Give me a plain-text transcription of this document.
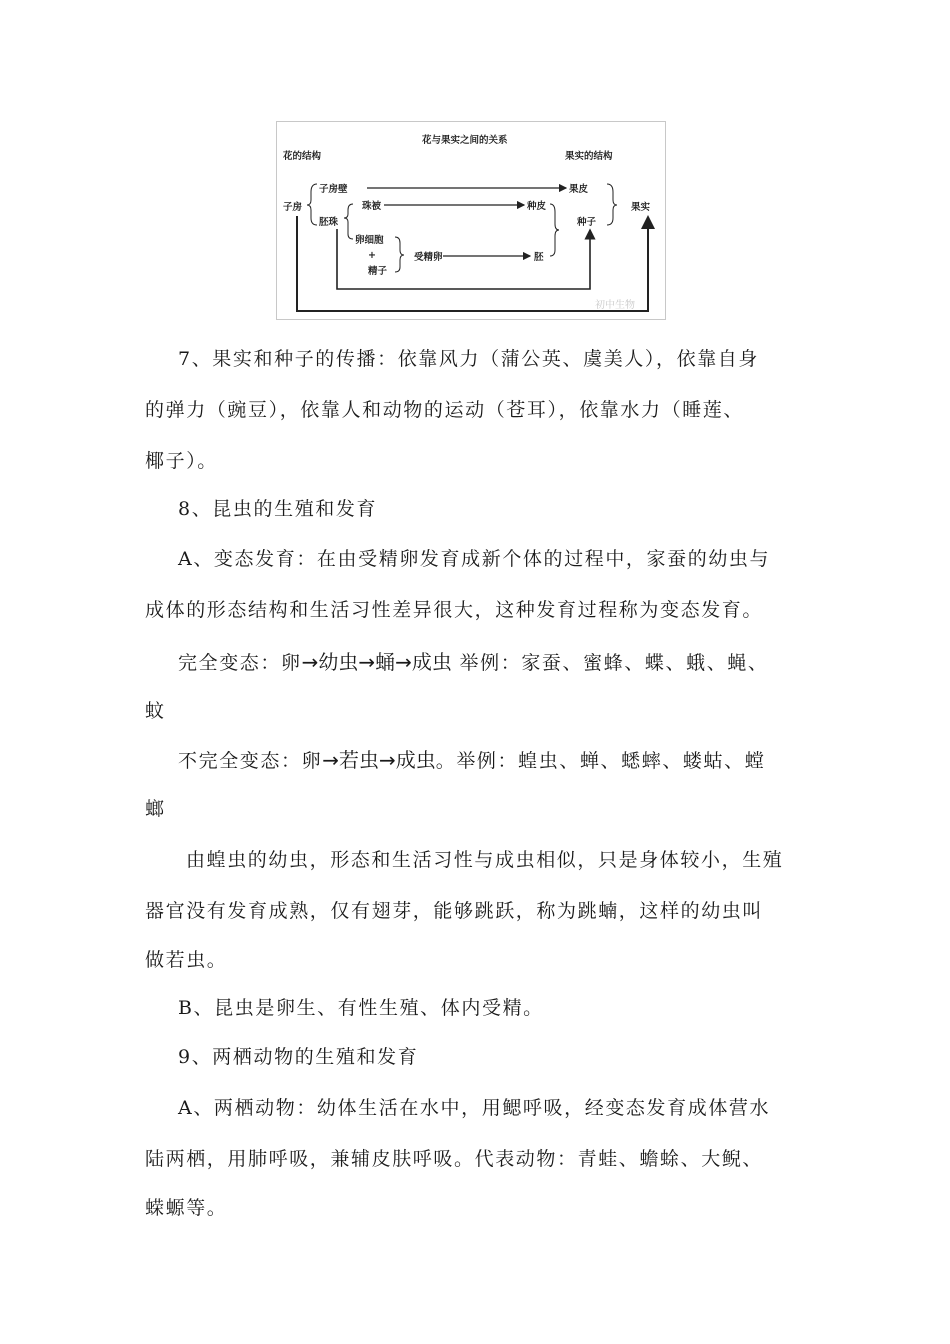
花与果实之间的关系
花的结构	果实的结构
子房
子房壁
胚珠
珠被
卵细胞
+
精子
受精卵
果皮
种皮
胚
种子
果实
初中生物
7、果实和种子的传播：依靠风力（蒲公英、虞美人），依靠自身
的弹力（豌豆），依靠人和动物的运动（苍耳），依靠水力（睡莲、
椰子）。
8、昆虫的生殖和发育
A、变态发育：在由受精卵发育成新个体的过程中，家蚕的幼虫与
成体的形态结构和生活习性差异很大，这种发育过程称为变态发育。
完全变态：卵→幼虫→蛹→成虫 举例：家蚕、蜜蜂、蝶、蛾、蝇、
蚊
不完全变态：卵→若虫→成虫。举例：蝗虫、蝉、蟋蟀、蝼蛄、螳
螂
由蝗虫的幼虫，形态和生活习性与成虫相似，只是身体较小，生殖
器官没有发育成熟，仅有翅芽，能够跳跃，称为跳蝻，这样的幼虫叫
做若虫。
B、昆虫是卵生、有性生殖、体内受精。
9、两栖动物的生殖和发育
A、两栖动物：幼体生活在水中，用鳃呼吸，经变态发育成体营水
陆两栖，用肺呼吸，兼辅皮肤呼吸。代表动物：青蛙、蟾蜍、大鲵、
蝾螈等。
